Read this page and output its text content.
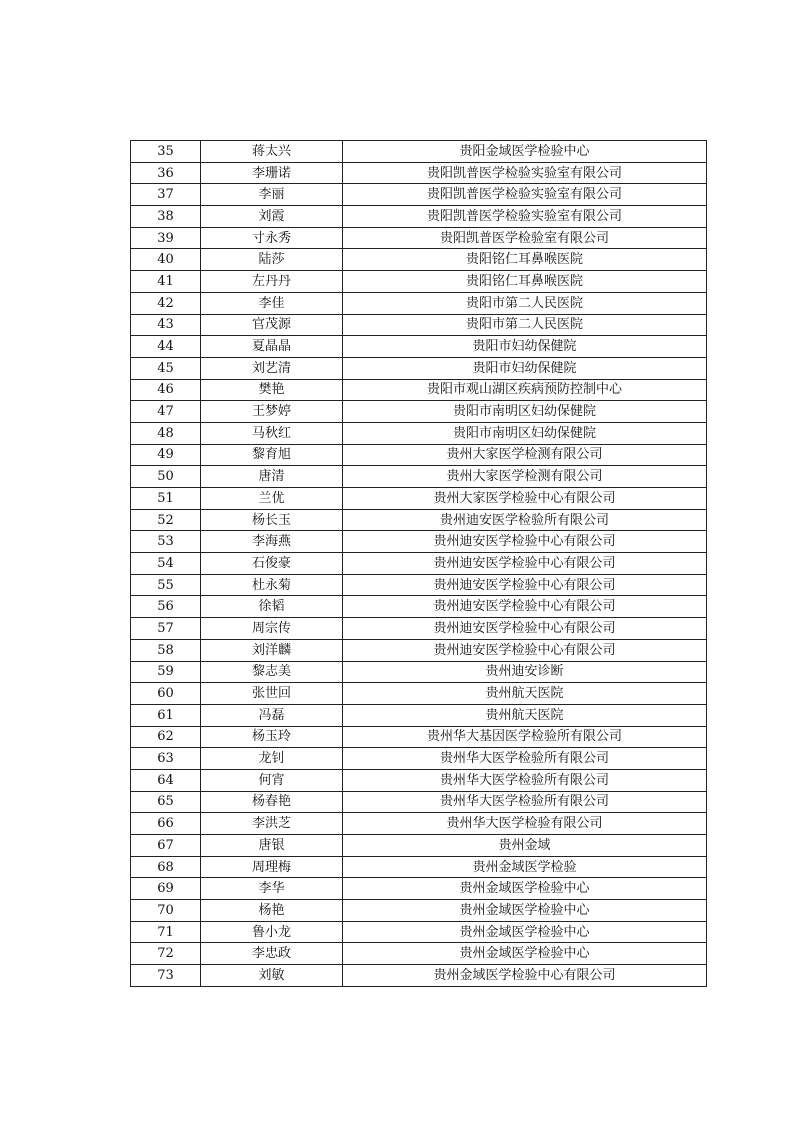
35	蒋太兴	贵阳金域医学检验中心
36	李珊诺	贵阳凯普医学检验实验室有限公司
37	李丽	贵阳凯普医学检验实验室有限公司
38	刘霞	贵阳凯普医学检验实验室有限公司
39	寸永秀	贵阳凯普医学检验室有限公司
40	陆莎	贵阳铭仁耳鼻喉医院
41	左丹丹	贵阳铭仁耳鼻喉医院
42	李佳	贵阳市第二人民医院
43	官茂源	贵阳市第二人民医院
44	夏晶晶	贵阳市妇幼保健院
45	刘艺清	贵阳市妇幼保健院
46	樊艳	贵阳市观山湖区疾病预防控制中心
47	王梦婷	贵阳市南明区妇幼保健院
48	马秋红	贵阳市南明区妇幼保健院
49	黎育旭	贵州大家医学检测有限公司
50	唐清	贵州大家医学检测有限公司
51	兰优	贵州大家医学检验中心有限公司
52	杨长玉	贵州迪安医学检验所有限公司
53	李海燕	贵州迪安医学检验中心有限公司
54	石俊豪	贵州迪安医学检验中心有限公司
55	杜永菊	贵州迪安医学检验中心有限公司
56	徐韬	贵州迪安医学检验中心有限公司
57	周宗传	贵州迪安医学检验中心有限公司
58	刘洋麟	贵州迪安医学检验中心有限公司
59	黎志美	贵州迪安诊断
60	张世回	贵州航天医院
61	冯磊	贵州航天医院
62	杨玉玲	贵州华大基因医学检验所有限公司
63	龙钊	贵州华大医学检验所有限公司
64	何宵	贵州华大医学检验所有限公司
65	杨春艳	贵州华大医学检验所有限公司
66	李洪芝	贵州华大医学检验有限公司
67	唐银	贵州金域
68	周理梅	贵州金域医学检验
69	李华	贵州金域医学检验中心
70	杨艳	贵州金域医学检验中心
71	鲁小龙	贵州金域医学检验中心
72	李忠政	贵州金域医学检验中心
73	刘敏	贵州金域医学检验中心有限公司
